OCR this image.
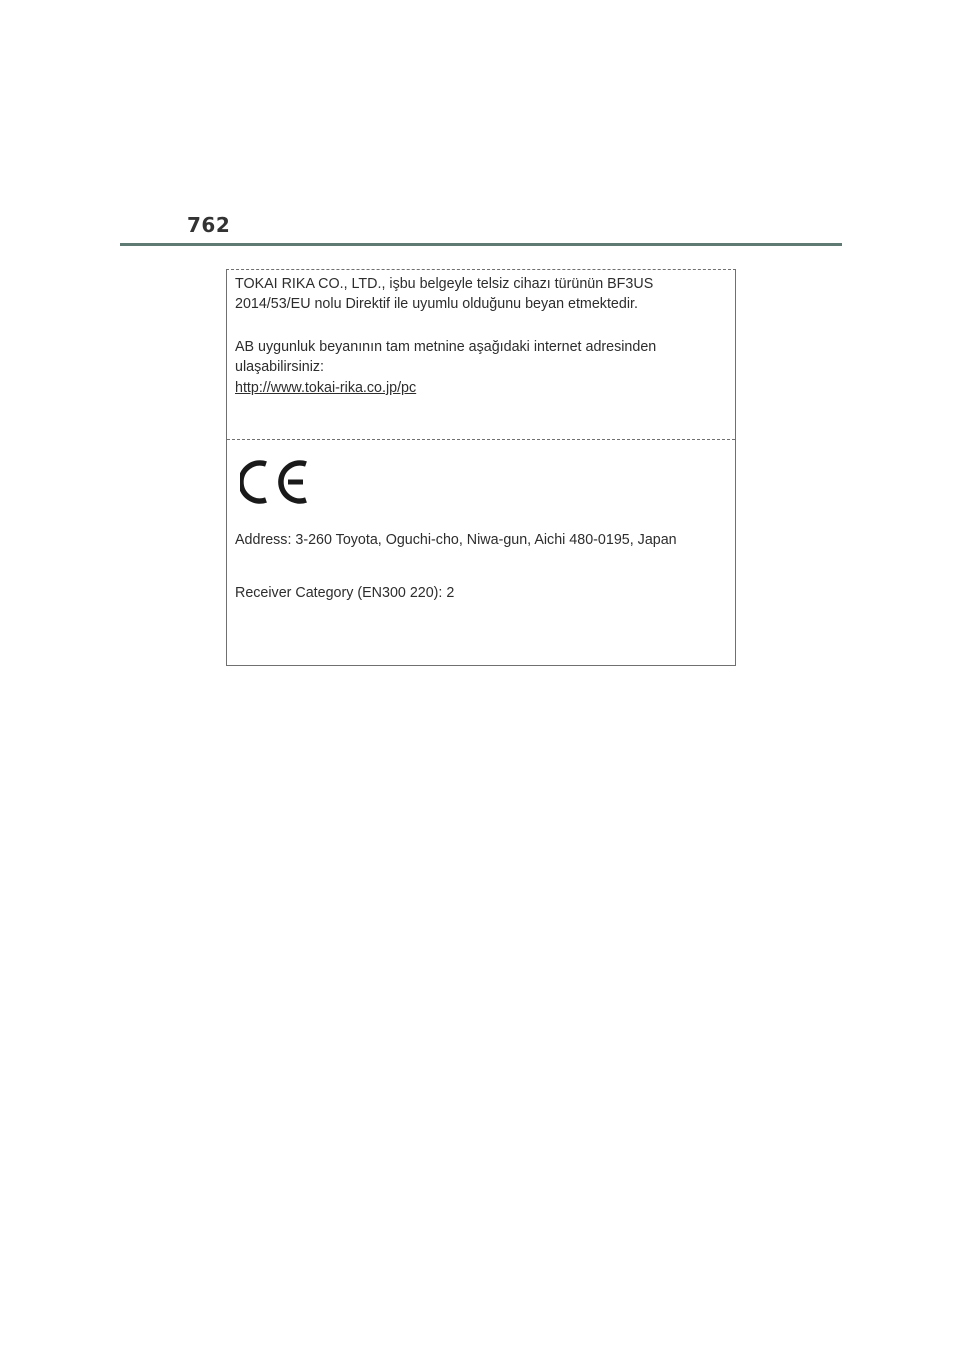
762
TOKAI RIKA CO., LTD., işbu belgeyle telsiz cihazı türünün BF3US
2014/53/EU nolu Direktif ile uyumlu olduğunu beyan etmektedir.
AB uygunluk beyanının tam metnine aşağıdaki internet adresinden
ulaşabilirsiniz:
http://www.tokai-rika.co.jp/pc
Address: 3-260 Toyota, Oguchi-cho, Niwa-gun, Aichi 480-0195, Japan
Receiver Category (EN300 220): 2
